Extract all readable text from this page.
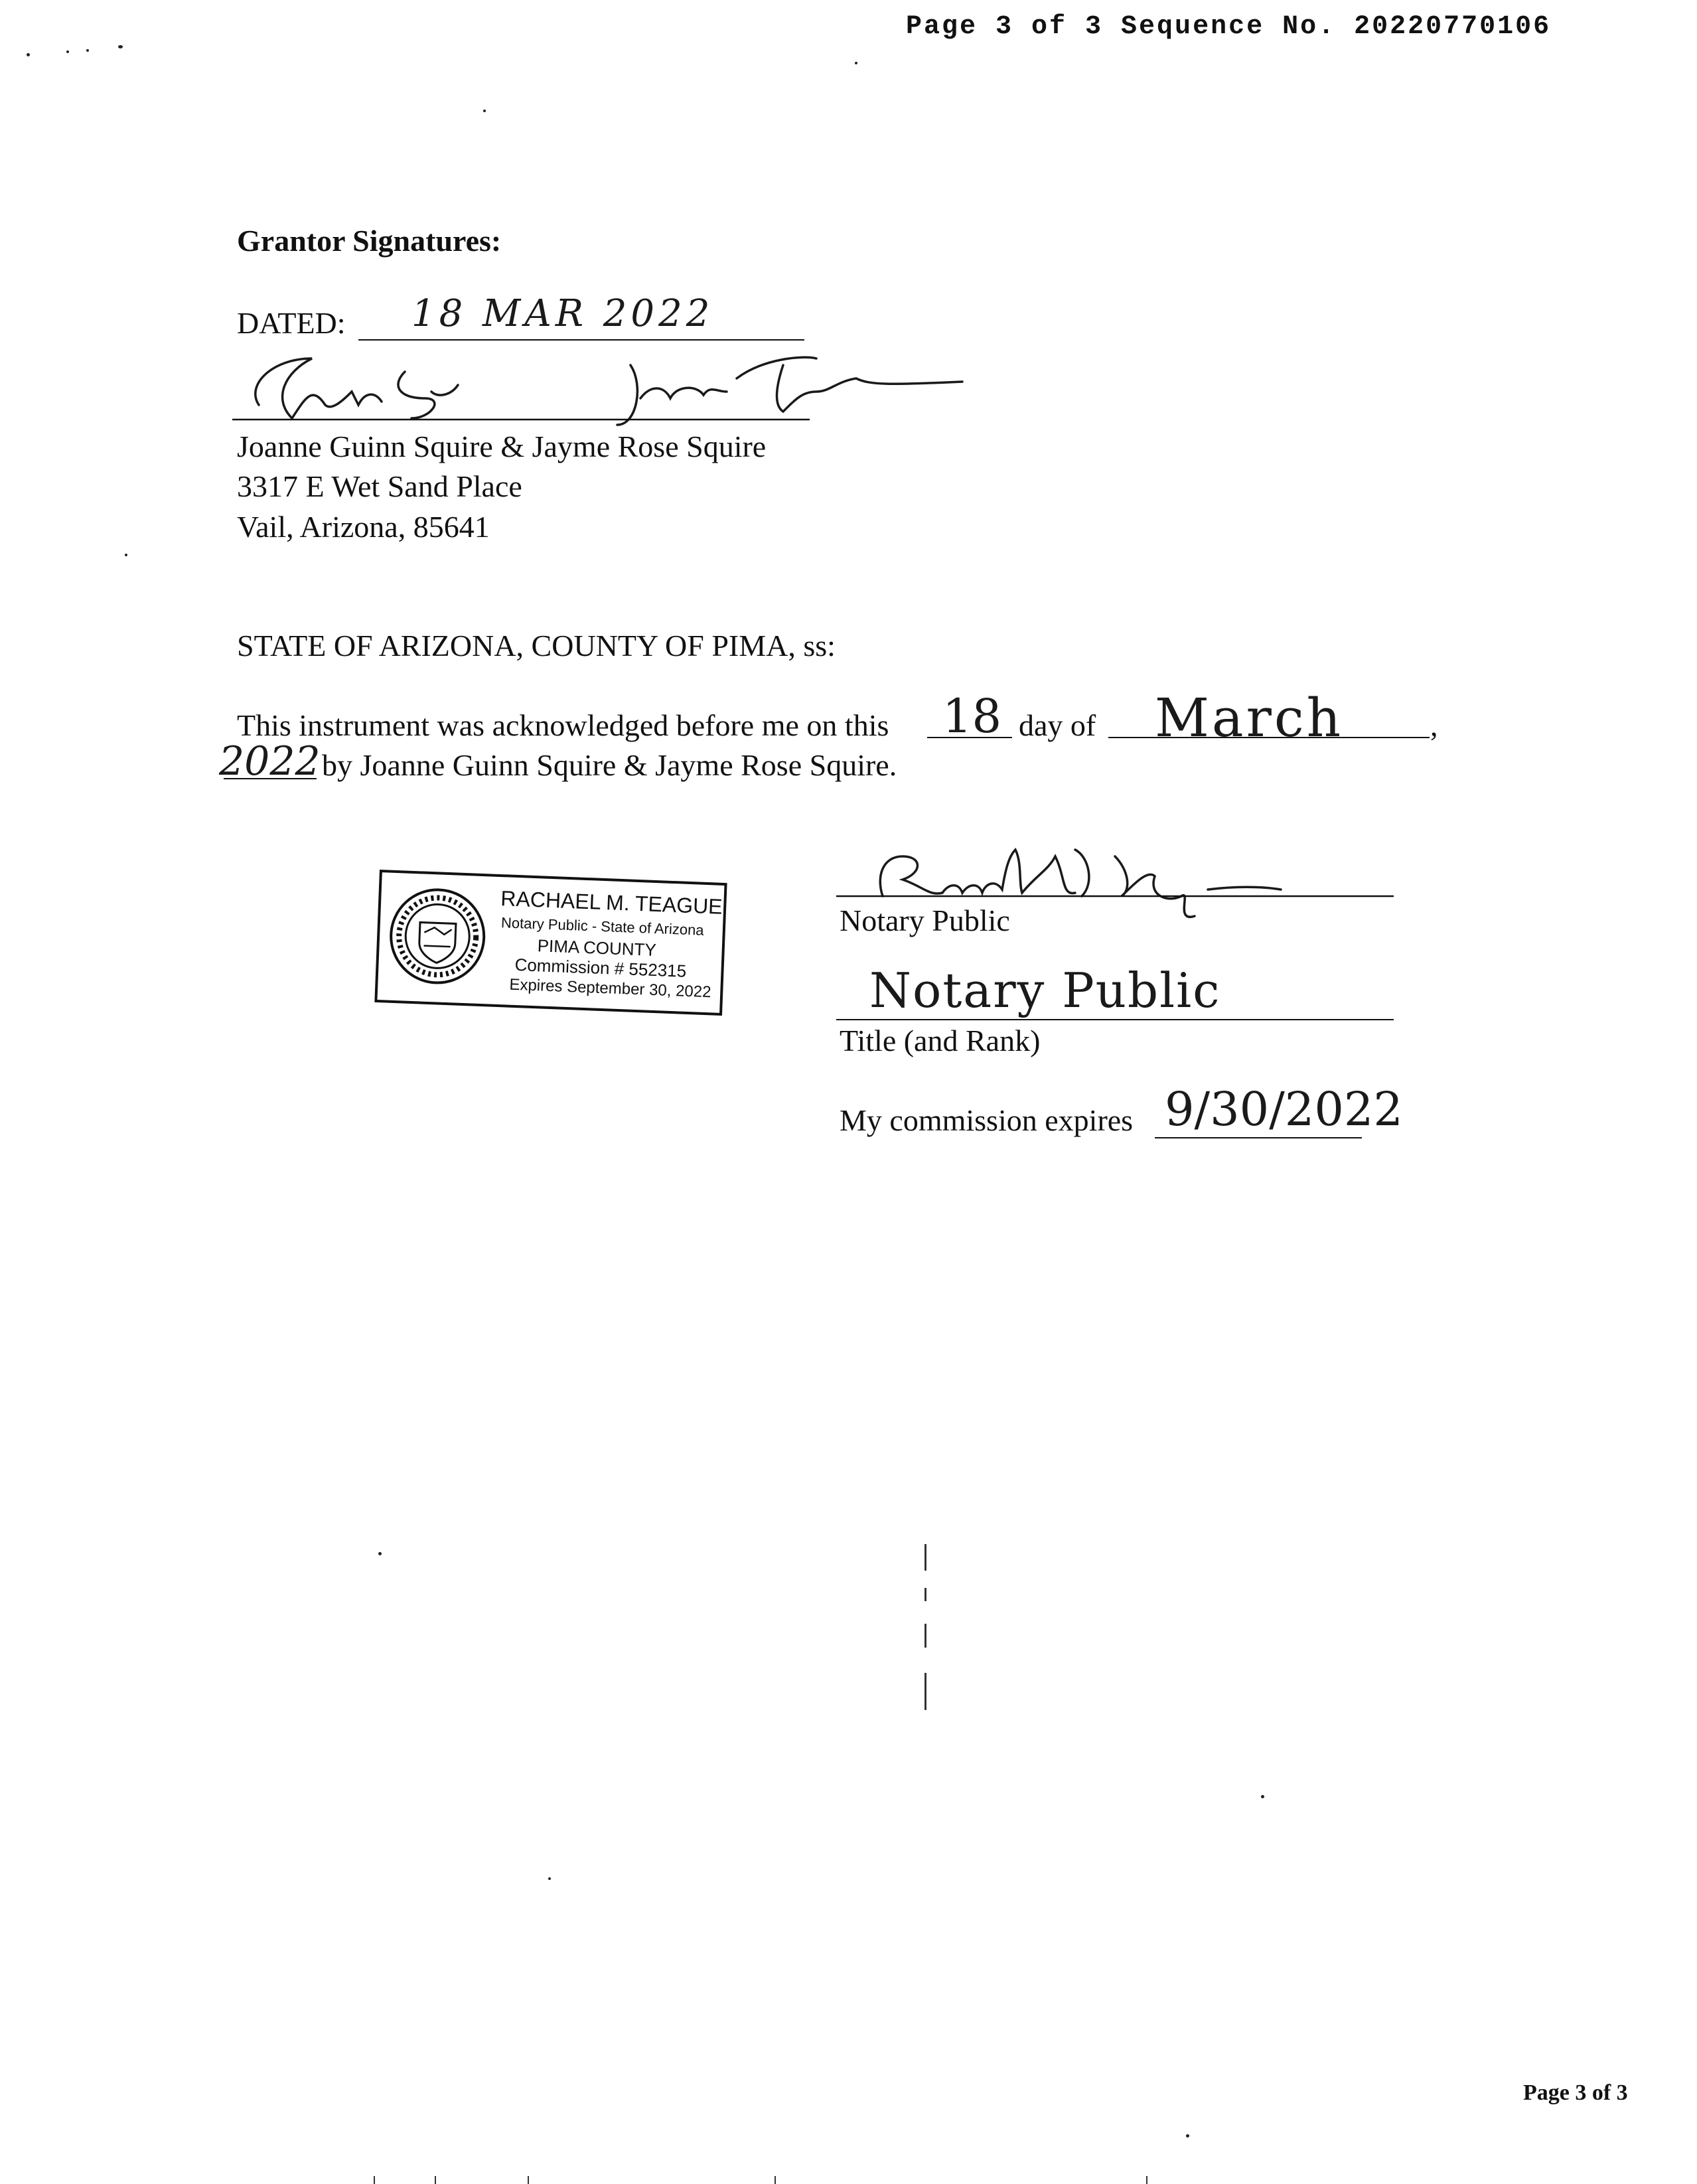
Page 3 of 3 Sequence No. 20220770106
Grantor Signatures:
DATED: 18 MAR 2022
Joanne Guinn Squire & Jayme Rose Squire
3317 E Wet Sand Place
Vail, Arizona, 85641
STATE OF ARIZONA, COUNTY OF PIMA, ss:
This instrument was acknowledged before me on this 18 day of March	,
2022 by Joanne Guinn Squire & Jayme Rose Squire.
RACHAEL M. TEAGUE
Notary Public - State of Arizona
PIMA COUNTY
Commission # 552315
Expires September 30, 2022
Notary Public
Notary Public
Title (and Rank)
My commission expires 9/30/2022
Page 3 of 3
